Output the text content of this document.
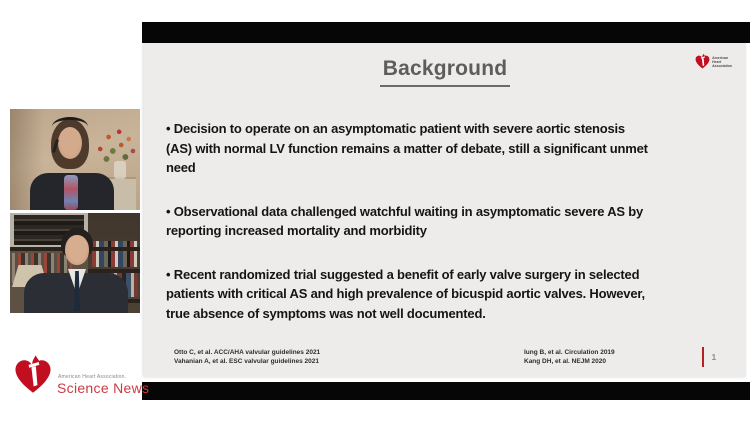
American
Heart
Association
Background
• Decision to operate on an asymptomatic patient with severe aortic stenosis
(AS) with normal LV function remains a matter of debate, still a significant unmet
need
• Observational data challenged watchful waiting in asymptomatic severe AS by
reporting increased mortality and morbidity
• Recent randomized trial suggested a benefit of early valve surgery in selected
patients with critical AS and high prevalence of bicuspid aortic valves. However,
true absence of symptoms was not well documented.
Otto C, et al. ACC/AHA valvular guidelines 2021
Vahanian A, et al. ESC valvular guidelines 2021
Iung B, et al. Circulation 2019
Kang DH, et al. NEJM 2020	1
American Heart Association.
Science News
